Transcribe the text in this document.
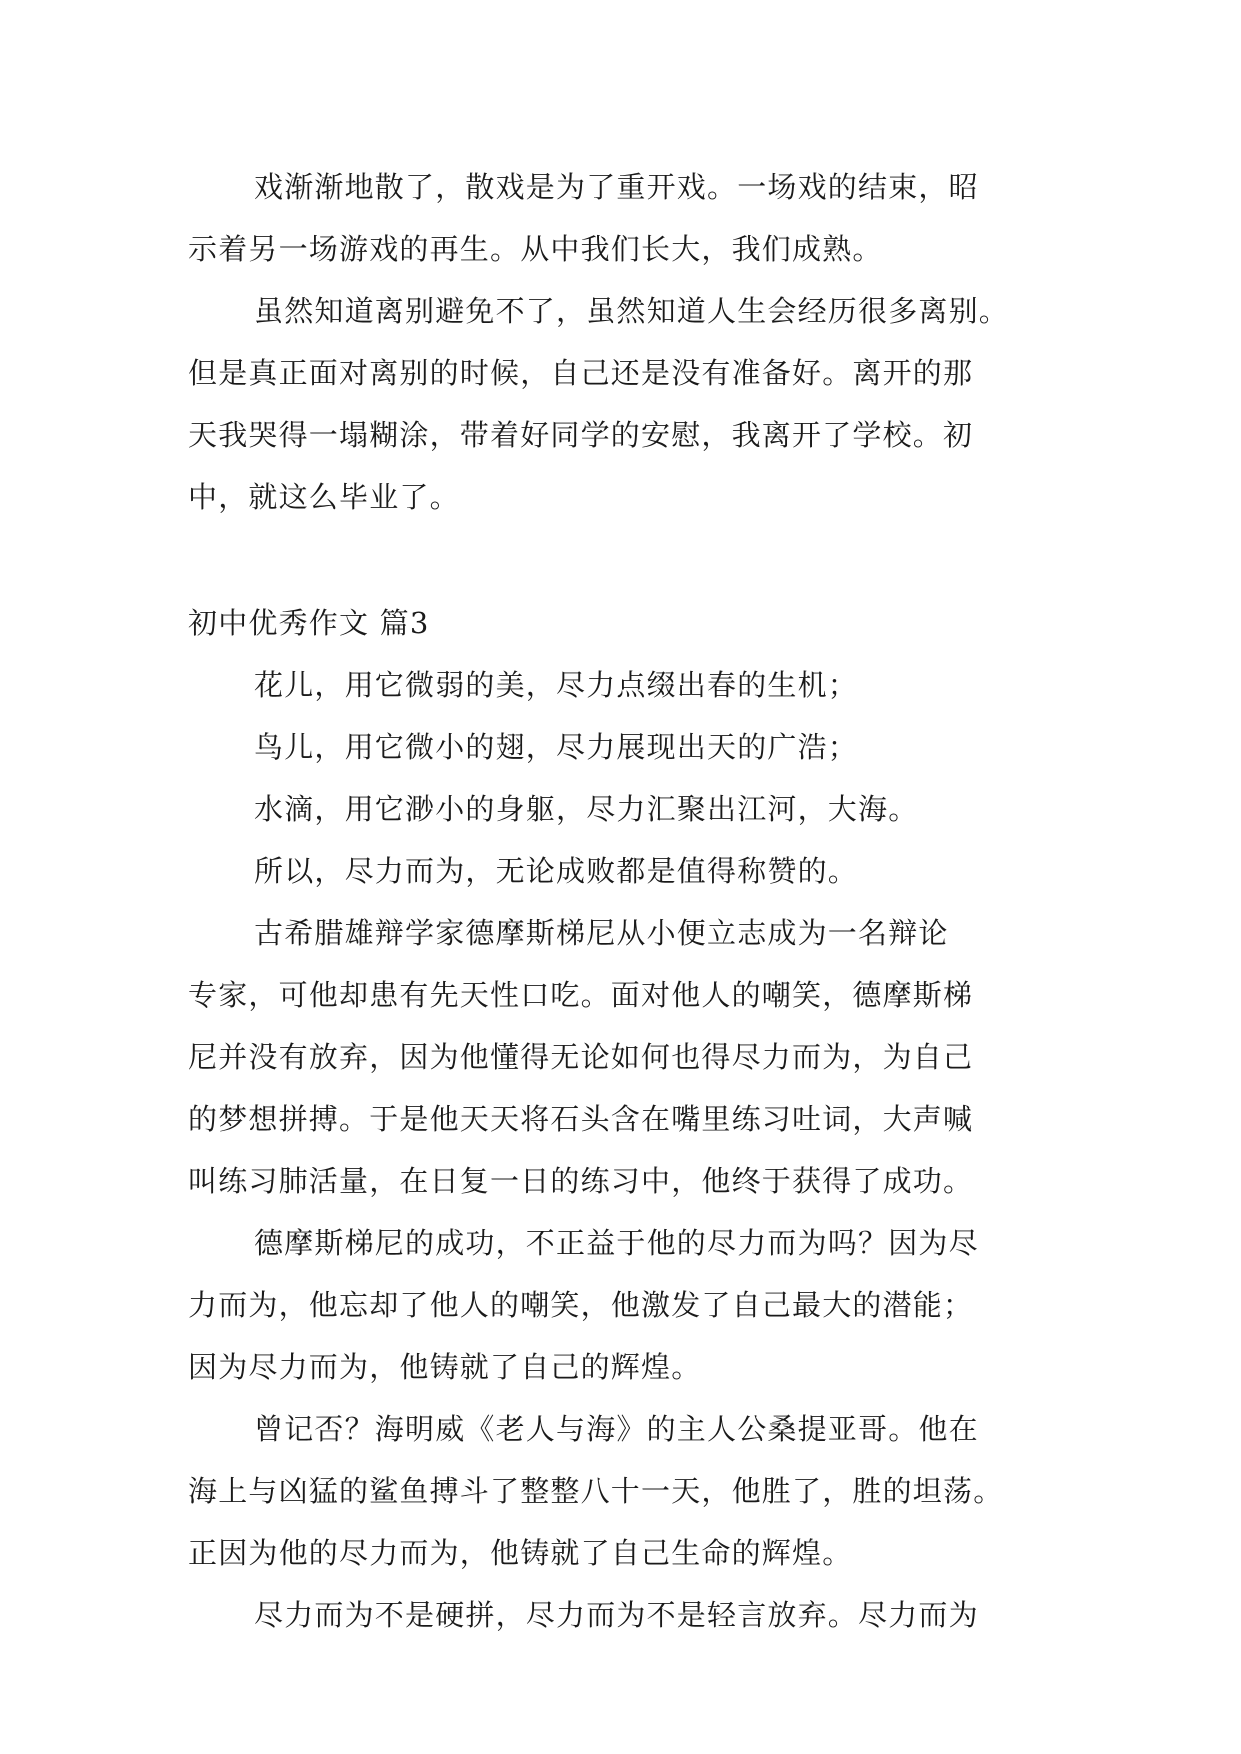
戏渐渐地散了，散戏是为了重开戏。一场戏的结束，昭
示着另一场游戏的再生。从中我们长大，我们成熟。
虽然知道离别避免不了，虽然知道人生会经历很多离别。
但是真正面对离别的时候，自己还是没有准备好。离开的那
天我哭得一塌糊涂，带着好同学的安慰，我离开了学校。初
中，就这么毕业了。
初中优秀作文 篇3
花儿，用它微弱的美，尽力点缀出春的生机；
鸟儿，用它微小的翅，尽力展现出天的广浩；
水滴，用它渺小的身躯，尽力汇聚出江河，大海。
所以，尽力而为，无论成败都是值得称赞的。
古希腊雄辩学家德摩斯梯尼从小便立志成为一名辩论
专家，可他却患有先天性口吃。面对他人的嘲笑，德摩斯梯
尼并没有放弃，因为他懂得无论如何也得尽力而为，为自己
的梦想拼搏。于是他天天将石头含在嘴里练习吐词，大声喊
叫练习肺活量，在日复一日的练习中，他终于获得了成功。
德摩斯梯尼的成功，不正益于他的尽力而为吗？因为尽
力而为，他忘却了他人的嘲笑，他激发了自己最大的潜能；
因为尽力而为，他铸就了自己的辉煌。
曾记否？海明威《老人与海》的主人公桑提亚哥。他在
海上与凶猛的鲨鱼搏斗了整整八十一天，他胜了，胜的坦荡。
正因为他的尽力而为，他铸就了自己生命的辉煌。
尽力而为不是硬拼，尽力而为不是轻言放弃。尽力而为
